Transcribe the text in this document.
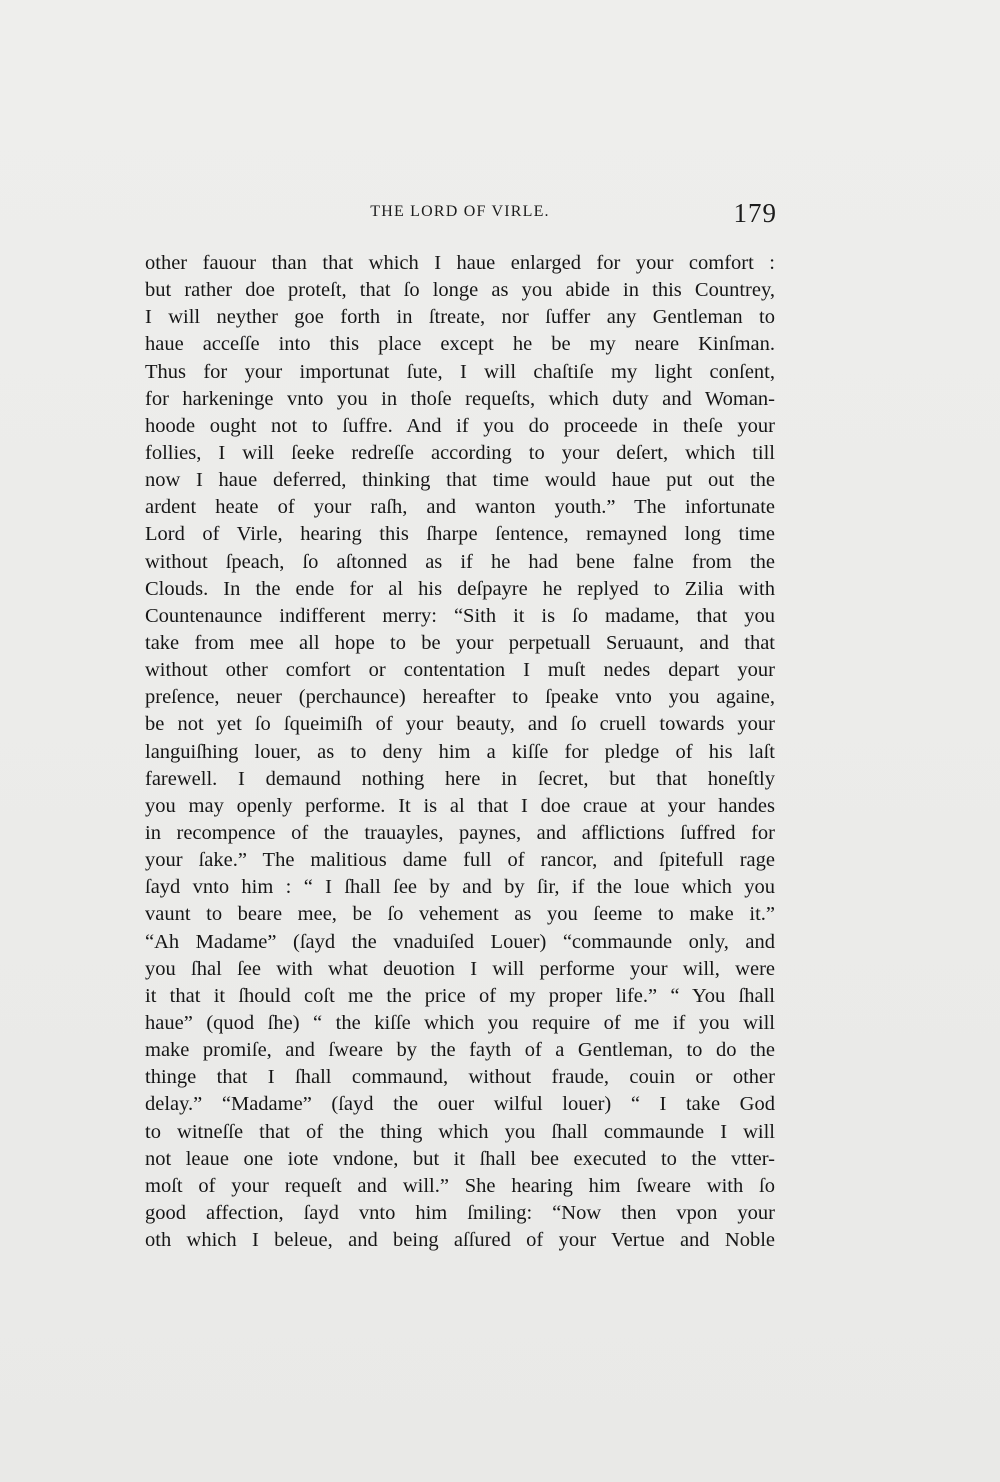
THE LORD OF VIRLE.	179
other fauour than that which I haue enlarged for your comfort :
but rather doe proteſt, that ſo longe as you abide in this Countrey,
I will neyther goe forth in ſtreate, nor ſuffer any Gentleman to
haue acceſſe into this place except he be my neare Kinſman.
Thus for your importunat ſute, I will chaſtiſe my light conſent,
for harkeninge vnto you in thoſe requeſts, which duty and Woman-
hoode ought not to ſuffre. And if you do proceede in theſe your
follies, I will ſeeke redreſſe according to your deſert, which till
now I haue deferred, thinking that time would haue put out the
ardent heate of your raſh, and wanton youth.” The infortunate
Lord of Virle, hearing this ſharpe ſentence, remayned long time
without ſpeach, ſo aſtonned as if he had bene falne from the
Clouds. In the ende for al his deſpayre he replyed to Zilia with
Countenaunce indifferent merry: “Sith it is ſo madame, that you
take from mee all hope to be your perpetuall Seruaunt, and that
without other comfort or contentation I muſt nedes depart your
preſence, neuer (perchaunce) hereafter to ſpeake vnto you againe,
be not yet ſo ſqueimiſh of your beauty, and ſo cruell towards your
languiſhing louer, as to deny him a kiſſe for pledge of his laſt
farewell. I demaund nothing here in ſecret, but that honeſtly
you may openly performe. It is al that I doe craue at your handes
in recompence of the trauayles, paynes, and afflictions ſuffred for
your ſake.” The malitious dame full of rancor, and ſpitefull rage
ſayd vnto him : “ I ſhall ſee by and by ſir, if the loue which you
vaunt to beare mee, be ſo vehement as you ſeeme to make it.”
“Ah Madame” (ſayd the vnaduiſed Louer) “commaunde only, and
you ſhal ſee with what deuotion I will performe your will, were
it that it ſhould coſt me the price of my proper life.” “ You ſhall
haue” (quod ſhe) “ the kiſſe which you require of me if you will
make promiſe, and ſweare by the fayth of a Gentleman, to do the
thinge that I ſhall commaund, without fraude, couin or other
delay.” “Madame” (ſayd the ouer wilful louer) “ I take God
to witneſſe that of the thing which you ſhall commaunde I will
not leaue one iote vndone, but it ſhall bee executed to the vtter-
moſt of your requeſt and will.” She hearing him ſweare with ſo
good affection, ſayd vnto him ſmiling: “Now then vpon your
oth which I beleue, and being aſſured of your Vertue and Noble
